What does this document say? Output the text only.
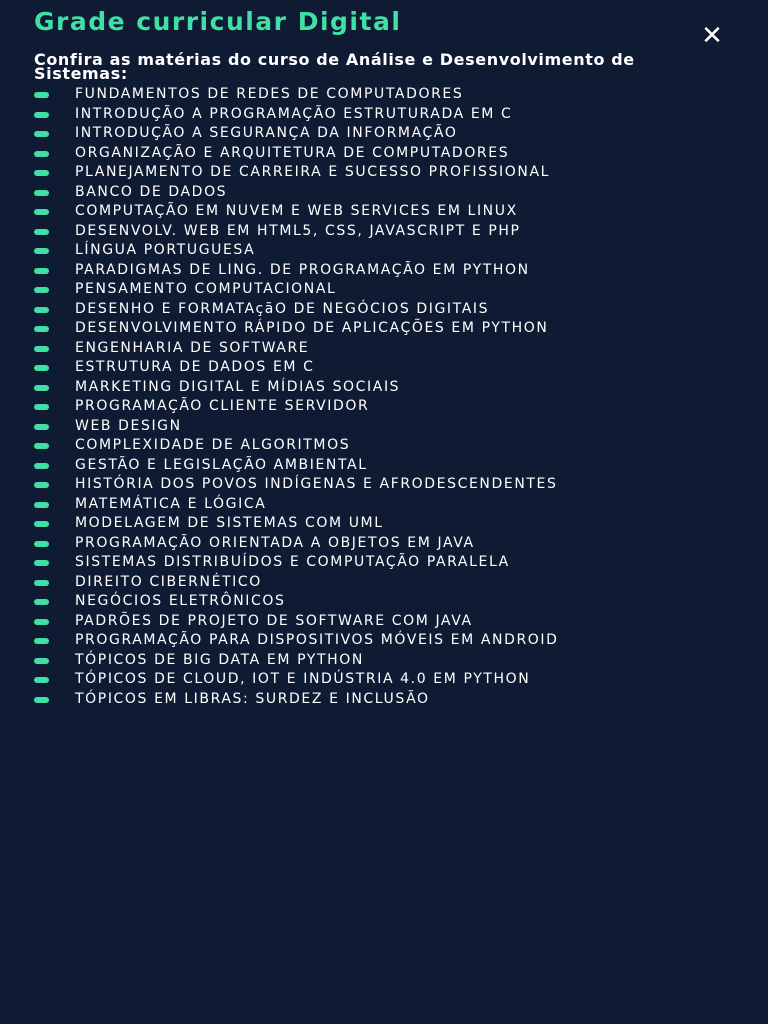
Grade curricular Digital	✕

Confira as matérias do curso de Análise e Desenvolvimento de Sistemas:

FUNDAMENTOS DE REDES DE COMPUTADORES
INTRODUÇÃO A PROGRAMAÇÃO ESTRUTURADA EM C
INTRODUÇÃO A SEGURANÇA DA INFORMAÇÃO
ORGANIZAÇÃO E ARQUITETURA DE COMPUTADORES
PLANEJAMENTO DE CARREIRA E SUCESSO PROFISSIONAL
BANCO DE DADOS
COMPUTAÇÃO EM NUVEM E WEB SERVICES EM LINUX
DESENVOLV. WEB EM HTML5, CSS, JAVASCRIPT E PHP
LÍNGUA PORTUGUESA
PARADIGMAS DE LING. DE PROGRAMAÇÃO EM PYTHON
PENSAMENTO COMPUTACIONAL
DESENHO E FORMATAçãO DE NEGÓCIOS DIGITAIS
DESENVOLVIMENTO RÁPIDO DE APLICAÇÕES EM PYTHON
ENGENHARIA DE SOFTWARE
ESTRUTURA DE DADOS EM C
MARKETING DIGITAL E MÍDIAS SOCIAIS
PROGRAMAÇÃO CLIENTE SERVIDOR
WEB DESIGN
COMPLEXIDADE DE ALGORITMOS
GESTÃO E LEGISLAÇÃO AMBIENTAL
HISTÓRIA DOS POVOS INDÍGENAS E AFRODESCENDENTES
MATEMÁTICA E LÓGICA
MODELAGEM DE SISTEMAS COM UML
PROGRAMAÇÃO ORIENTADA A OBJETOS EM JAVA
SISTEMAS DISTRIBUÍDOS E COMPUTAÇÃO PARALELA
DIREITO CIBERNÉTICO
NEGÓCIOS ELETRÔNICOS
PADRÕES DE PROJETO DE SOFTWARE COM JAVA
PROGRAMAÇÃO PARA DISPOSITIVOS MÓVEIS EM ANDROID
TÓPICOS DE BIG DATA EM PYTHON
TÓPICOS DE CLOUD, IOT E INDÚSTRIA 4.0 EM PYTHON
TÓPICOS EM LIBRAS: SURDEZ E INCLUSÃO
